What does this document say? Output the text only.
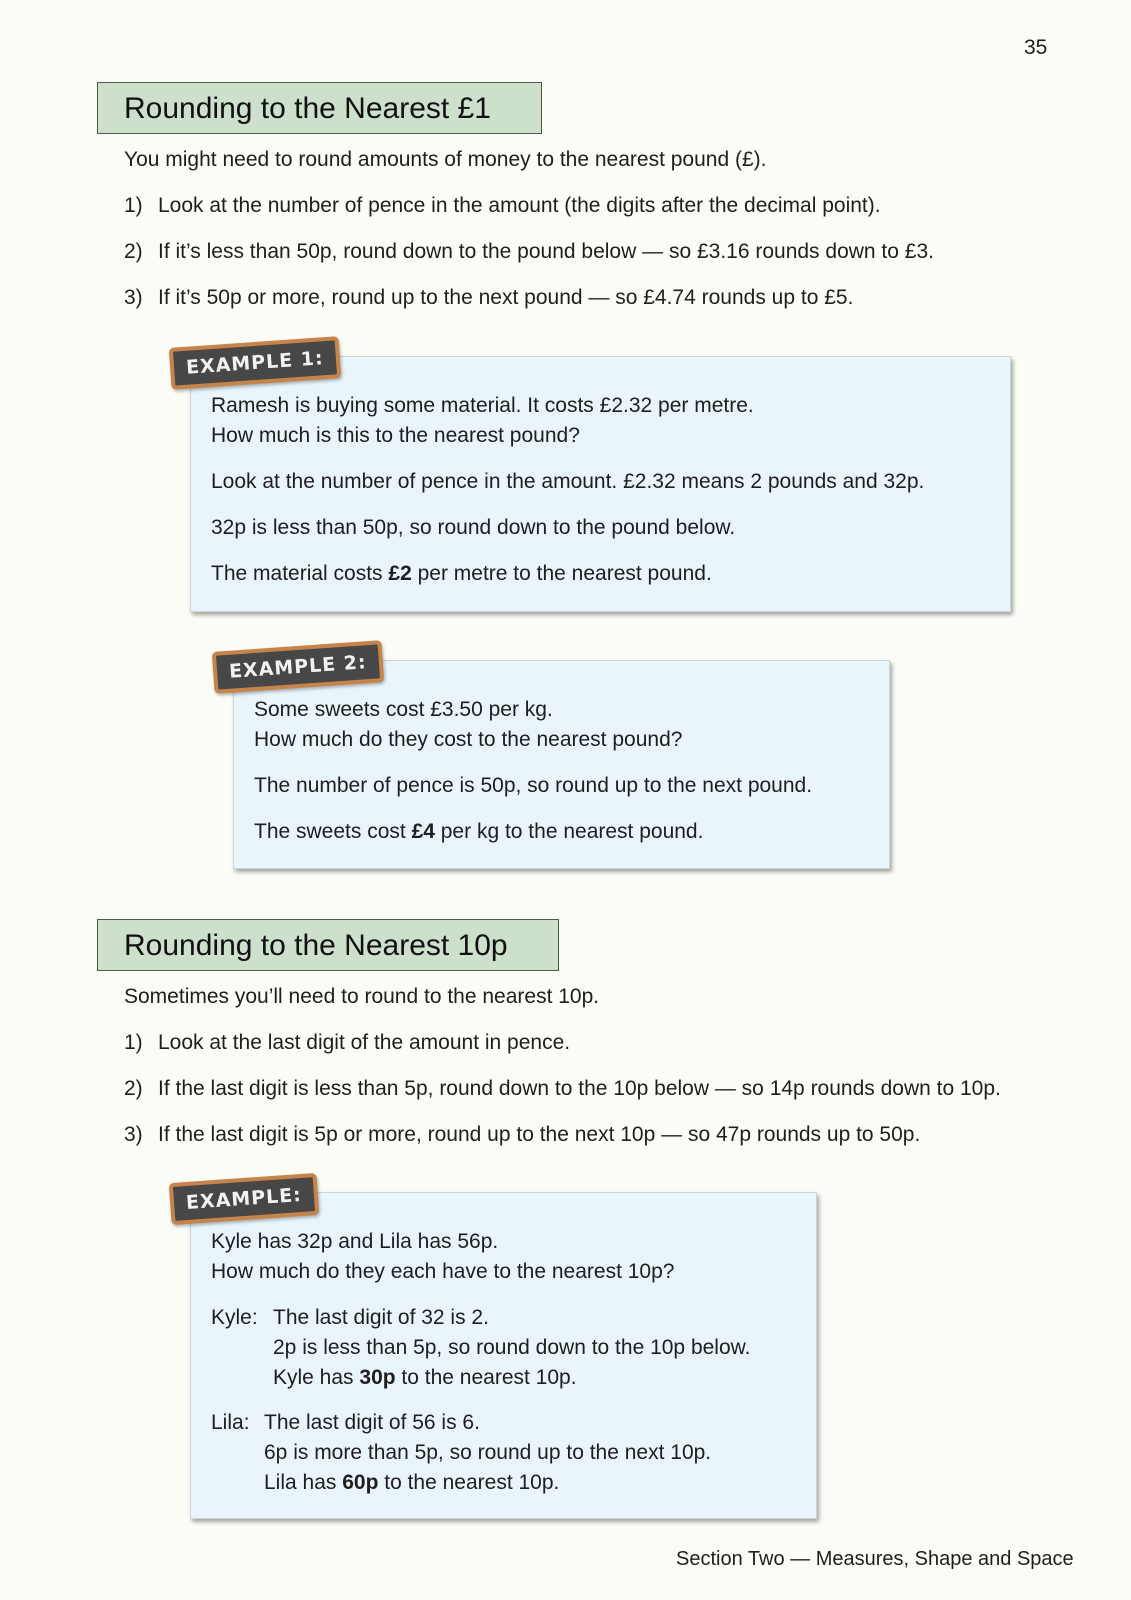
35
Rounding to the Nearest £1
You might need to round amounts of money to the nearest pound (£).
1) Look at the number of pence in the amount (the digits after the decimal point).
2) If it’s less than 50p, round down to the pound below — so £3.16 rounds down to £3.
3) If it’s 50p or more, round up to the next pound — so £4.74 rounds up to £5.
Ramesh is buying some material. It costs £2.32 per metre.
How much is this to the nearest pound?
Look at the number of pence in the amount. £2.32 means 2 pounds and 32p.
32p is less than 50p, so round down to the pound below.
The material costs £2 per metre to the nearest pound.
EXAMPLE 1:
Some sweets cost £3.50 per kg.
How much do they cost to the nearest pound?
The number of pence is 50p, so round up to the next pound.
The sweets cost £4 per kg to the nearest pound.
EXAMPLE 2:
Rounding to the Nearest 10p
Sometimes you’ll need to round to the nearest 10p.
1) Look at the last digit of the amount in pence.
2) If the last digit is less than 5p, round down to the 10p below — so 14p rounds down to 10p.
3) If the last digit is 5p or more, round up to the next 10p — so 47p rounds up to 50p.
Kyle has 32p and Lila has 56p.
How much do they each have to the nearest 10p?
Kyle: The last digit of 32 is 2.
2p is less than 5p, so round down to the 10p below.
Kyle has 30p to the nearest 10p.
Lila: The last digit of 56 is 6.
6p is more than 5p, so round up to the next 10p.
Lila has 60p to the nearest 10p.
EXAMPLE:
Section Two — Measures, Shape and Space
